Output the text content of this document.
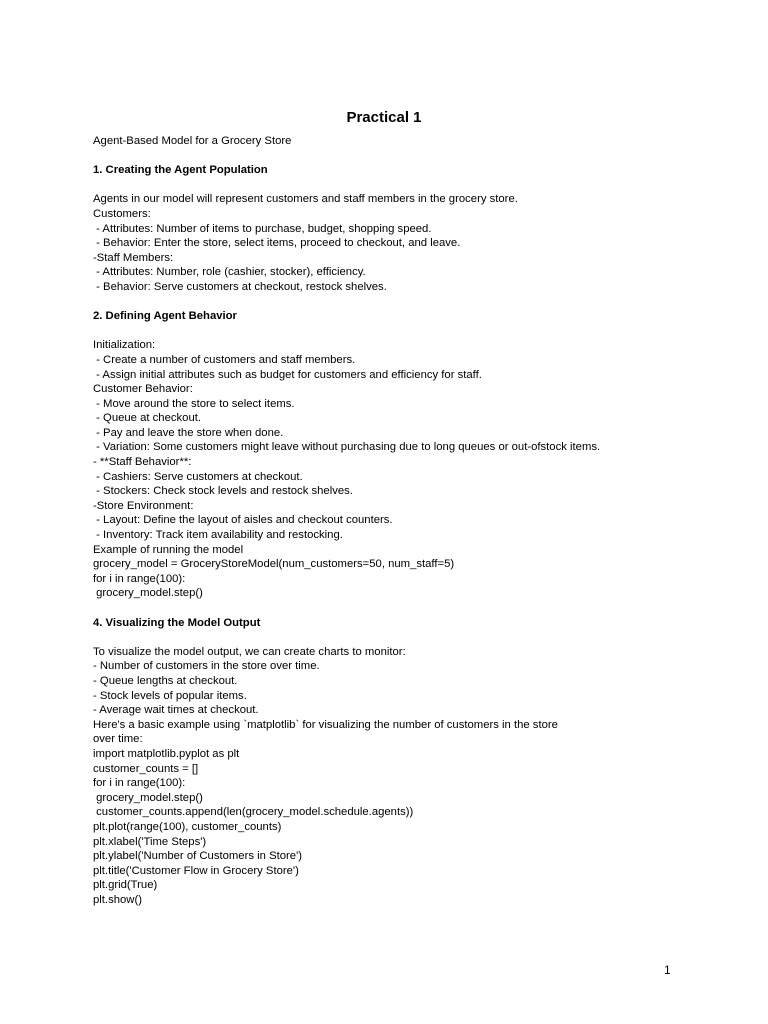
Practical 1
Agent-Based Model for a Grocery Store
1. Creating the Agent Population
Agents in our model will represent customers and staff members in the grocery store.
Customers:
- Attributes: Number of items to purchase, budget, shopping speed.
- Behavior: Enter the store, select items, proceed to checkout, and leave.
-Staff Members:
- Attributes: Number, role (cashier, stocker), efficiency.
- Behavior: Serve customers at checkout, restock shelves.
2. Defining Agent Behavior
Initialization:
- Create a number of customers and staff members.
- Assign initial attributes such as budget for customers and efficiency for staff.
Customer Behavior:
- Move around the store to select items.
- Queue at checkout.
- Pay and leave the store when done.
- Variation: Some customers might leave without purchasing due to long queues or out-ofstock items.
- **Staff Behavior**:
- Cashiers: Serve customers at checkout.
- Stockers: Check stock levels and restock shelves.
-Store Environment:
- Layout: Define the layout of aisles and checkout counters.
- Inventory: Track item availability and restocking.
Example of running the model
grocery_model = GroceryStoreModel(num_customers=50, num_staff=5)
for i in range(100):
grocery_model.step()
4. Visualizing the Model Output
To visualize the model output, we can create charts to monitor:
- Number of customers in the store over time.
- Queue lengths at checkout.
- Stock levels of popular items.
- Average wait times at checkout.
Here's a basic example using `matplotlib` for visualizing the number of customers in the store
over time:
import matplotlib.pyplot as plt
customer_counts = []
for i in range(100):
grocery_model.step()
customer_counts.append(len(grocery_model.schedule.agents))
plt.plot(range(100), customer_counts)
plt.xlabel('Time Steps')
plt.ylabel('Number of Customers in Store')
plt.title('Customer Flow in Grocery Store')
plt.grid(True)
plt.show()
1
